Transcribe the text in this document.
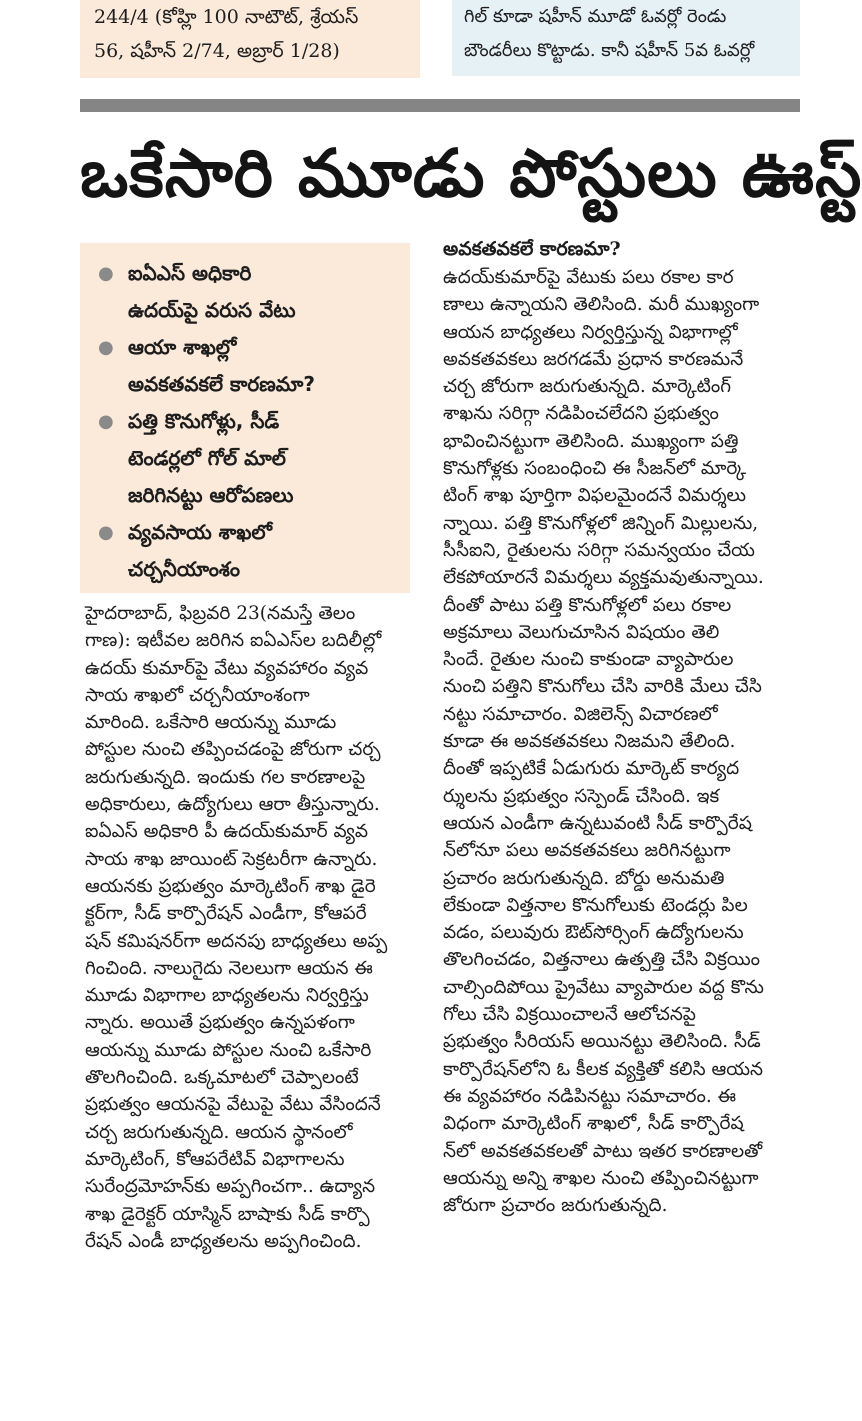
244/4 (కోహ్లి 100 నాటౌట్, శ్రేయస్
56, షహీన్ 2/74, అబ్రార్ 1/28)
గిల్ కూడా షహీన్ మూడో ఓవర్లో రెండు
బౌండరీలు కొట్టాడు. కానీ షహీన్ 5వ ఓవర్లో
ఒకేసారి మూడు పోస్టులు ఊస్ట్
● ఐఏఎస్ అధికారి
ఉదయ్‌పై వరుస వేటు
● ఆయా శాఖల్లో
అవకతవకలే కారణమా?
● పత్తి కొనుగోళ్లు, సీడ్
టెండర్లలో గోల్ మాల్
జరిగినట్టు ఆరోపణలు
● వ్యవసాయ శాఖలో
చర్చనీయాంశం
హైదరాబాద్, ఫిబ్రవరి 23(నమస్తే తెలం
గాణ): ఇటీవల జరిగిన ఐఏఎస్‌ల బదిలీల్లో
ఉదయ్ కుమార్‌పై వేటు వ్యవహారం వ్యవ
సాయ శాఖలో చర్చనీయాంశంగా
మారింది. ఒకేసారి ఆయన్ను మూడు
పోస్టుల నుంచి తప్పించడంపై జోరుగా చర్చ
జరుగుతున్నది. ఇందుకు గల కారణాలపై
అధికారులు, ఉద్యోగులు ఆరా తీస్తున్నారు.
ఐఏఎస్ అధికారి పీ ఉదయ్‌కుమార్ వ్యవ
సాయ శాఖ జాయింట్ సెక్రటరీగా ఉన్నారు.
ఆయనకు ప్రభుత్వం మార్కెటింగ్ శాఖ డైరె
క్టర్‌గా, సీడ్ కార్పొరేషన్ ఎండీగా, కోఆపరే
షన్ కమిషనర్‌గా అదనపు బాధ్యతలు అప్ప
గించింది. నాలుగైదు నెలలుగా ఆయన ఈ
మూడు విభాగాల బాధ్యతలను నిర్వర్తిస్తు
న్నారు. అయితే ప్రభుత్వం ఉన్నపళంగా
ఆయన్ను మూడు పోస్టుల నుంచి ఒకేసారి
తొలగించింది. ఒక్కమాటలో చెప్పాలంటే
ప్రభుత్వం ఆయనపై వేటుపై వేటు వేసిందనే
చర్చ జరుగుతున్నది. ఆయన స్థానంలో
మార్కెటింగ్, కోఆపరేటివ్ విభాగాలను
సురేంద్రమోహన్‌కు అప్పగించగా.. ఉద్యాన
శాఖ డైరెక్టర్ యాస్మిన్ బాషాకు సీడ్ కార్పొ
రేషన్ ఎండీ బాధ్యతలను అప్పగించింది.
అవకతవకలే కారణమా?
ఉదయ్‌కుమార్‌పై వేటుకు పలు రకాల కార
ణాలు ఉన్నాయని తెలిసింది. మరీ ముఖ్యంగా
ఆయన బాధ్యతలు నిర్వర్తిస్తున్న విభాగాల్లో
అవకతవకలు జరగడమే ప్రధాన కారణమనే
చర్చ జోరుగా జరుగుతున్నది. మార్కెటింగ్
శాఖను సరిగ్గా నడిపించలేదని ప్రభుత్వం
భావించినట్టుగా తెలిసింది. ముఖ్యంగా పత్తి
కొనుగోళ్లకు సంబంధించి ఈ సీజన్‌లో మార్కె
టింగ్ శాఖ పూర్తిగా విఫలమైందనే విమర్శలు
న్నాయి. పత్తి కొనుగోళ్లలో జిన్నింగ్ మిల్లులను,
సీసీఐని, రైతులను సరిగ్గా సమన్వయం చేయ
లేకపోయారనే విమర్శలు వ్యక్తమవుతున్నాయి.
దీంతో పాటు పత్తి కొనుగోళ్లలో పలు రకాల
అక్రమాలు వెలుగుచూసిన విషయం తెలి
సిందే. రైతుల నుంచి కాకుండా వ్యాపారుల
నుంచి పత్తిని కొనుగోలు చేసి వారికి మేలు చేసి
నట్టు సమాచారం. విజిలెన్స్ విచారణలో
కూడా ఈ అవకతవకలు నిజమని తేలింది.
దీంతో ఇప్పటికే ఏడుగురు మార్కెట్ కార్యద
ర్శులను ప్రభుత్వం సస్పెండ్ చేసింది. ఇక
ఆయన ఎండీగా ఉన్నటువంటి సీడ్ కార్పొరేష
న్‌లోనూ పలు అవకతవకలు జరిగినట్టుగా
ప్రచారం జరుగుతున్నది. బోర్డు అనుమతి
లేకుండా విత్తనాల కొనుగోలుకు టెండర్లు పిల
వడం, పలువురు ఔట్‌సోర్సింగ్ ఉద్యోగులను
తొలగించడం, విత్తనాలు ఉత్పత్తి చేసి విక్రయిం
చాల్సిందిపోయి ప్రైవేటు వ్యాపారుల వద్ద కొను
గోలు చేసి విక్రయించాలనే ఆలోచనపై
ప్రభుత్వం సీరియస్ అయినట్టు తెలిసింది. సీడ్
కార్పొరేషన్‌లోని ఓ కీలక వ్యక్తితో కలిసి ఆయన
ఈ వ్యవహారం నడిపినట్టు సమాచారం. ఈ
విధంగా మార్కెటింగ్ శాఖలో, సీడ్ కార్పొరేష
న్‌లో అవకతవకలతో పాటు ఇతర కారణాలతో
ఆయన్ను అన్ని శాఖల నుంచి తప్పించినట్టుగా
జోరుగా ప్రచారం జరుగుతున్నది.
